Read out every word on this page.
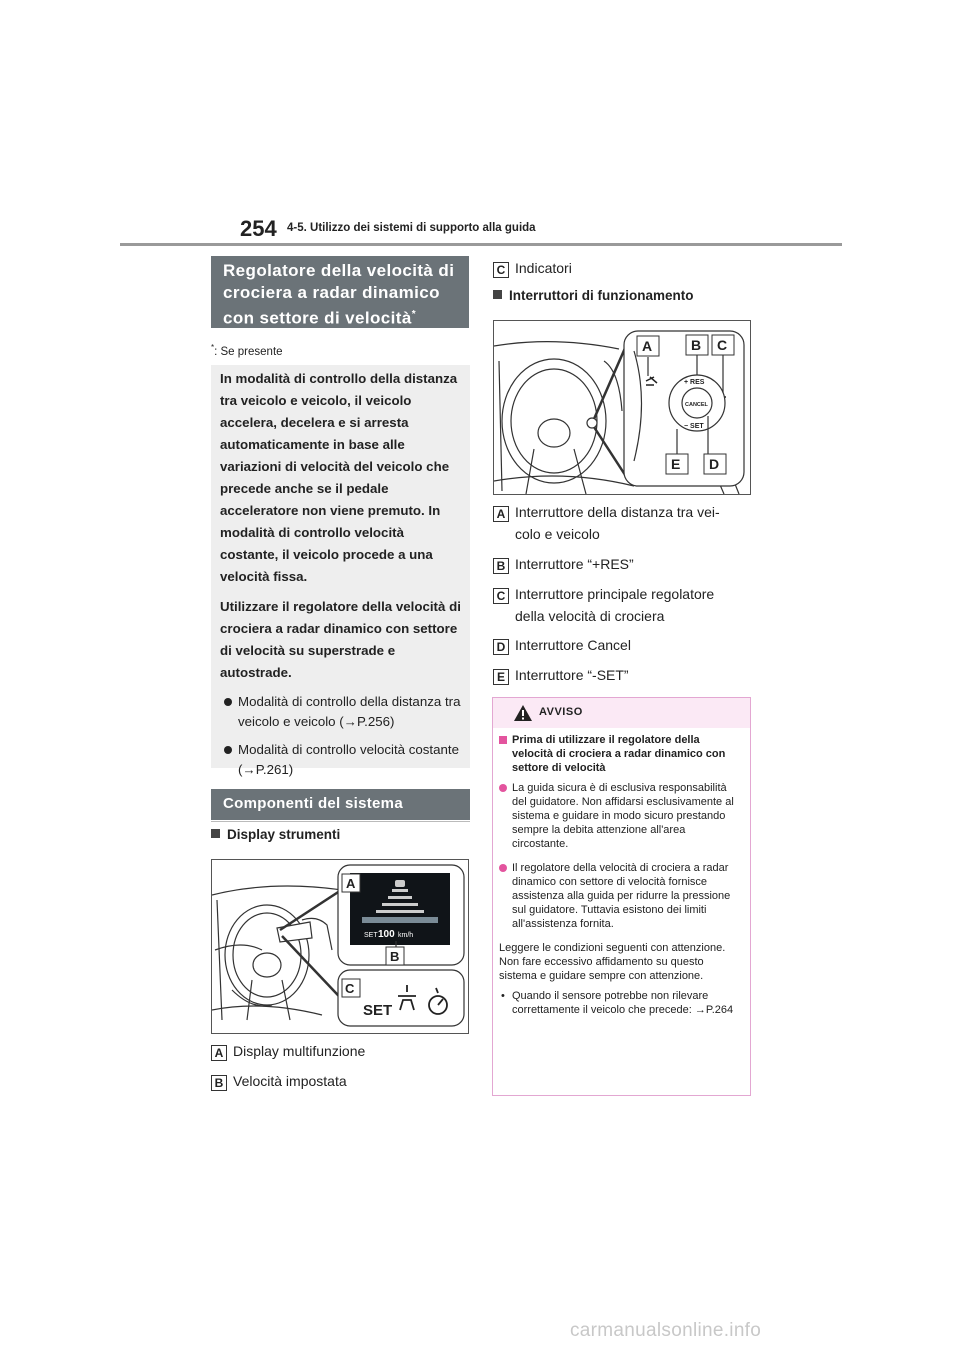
254 4-5. Utilizzo dei sistemi di supporto alla guida
Regolatore della velocità di crociera a radar dinamico con settore di velocità*
*: Se presente

In modalità di controllo della distanza tra veicolo e veicolo, il veicolo accelera, decelera e si arresta automaticamente in base alle variazioni di velocità del veicolo che precede anche se il pedale acceleratore non viene premuto. In modalità di controllo velocità costante, il veicolo procede a una velocità fissa.

Utilizzare il regolatore della velocità di crociera a radar dinamico con settore di velocità su superstrade e autostrade.

Modalità di controllo della distanza tra veicolo e veicolo (→P.256)
Modalità di controllo velocità costante (→P.261)
Componenti del sistema
Display strumenti
SET 100 km/h
SET
A
B
C
A Display multifunzione
B Velocità impostata
C Indicatori
Interruttori di funzionamento
+ RES
CANCEL
− SET
A	B C
D
E
A Interruttore della distanza tra vei-
colo e veicolo
B Interruttore “+RES”
C Interruttore principale regolatore
della velocità di crociera
D Interruttore Cancel
E Interruttore “-SET”
AVVISO

Prima di utilizzare il regolatore della velocità di crociera a radar dinamico con settore di velocità

La guida sicura è di esclusiva responsabilità del guidatore. Non affidarsi esclusivamente al sistema e guidare in modo sicuro prestando sempre la debita attenzione all'area circostante.

Il regolatore della velocità di crociera a radar dinamico con settore di velocità fornisce assistenza alla guida per ridurre la pressione sul guidatore. Tuttavia esistono dei limiti all'assistenza fornita.

Leggere le condizioni seguenti con attenzione. Non fare eccessivo affidamento su questo sistema e guidare sempre con attenzione.

• Quando il sensore potrebbe non rilevare correttamente il veicolo che precede: →P.264

carmanualsonline.info
